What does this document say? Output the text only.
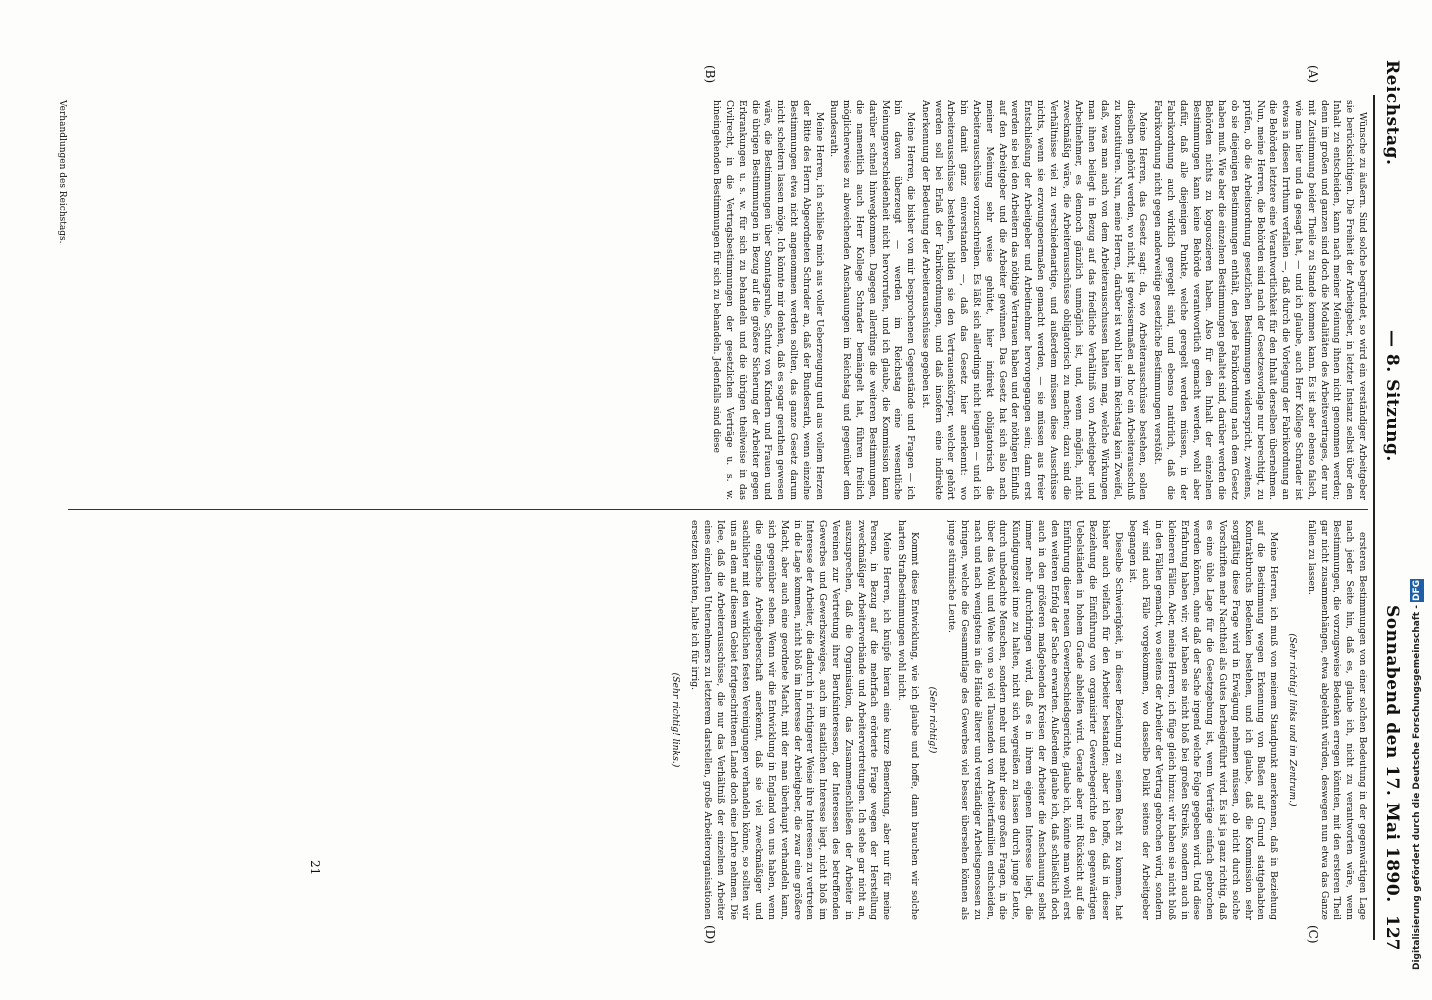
Reichstag.
— 8. Sitzung.
Sonnabend den 17. Mai 1890.
127
(A)
(B)
(C)
(D)

Wünsche zu äußern. Sind solche begründet, so wird ein verständiger Arbeitgeber sie berücksichtigen. Die Freiheit der Arbeitgeber, in letzter Instanz selbst über den Inhalt zu entscheiden, kann nach meiner Meinung ihnen nicht genommen werden; denn im großen und ganzen sind doch die Modalitäten des Arbeitsvertrages, der nur mit Zustimmung beider Theile zu Stande kommen kann. Es ist aber ebenso falsch, wie man hier und da gesagt hat, — und ich glaube, auch Herr Kollege Schrader ist etwas in diesen Irrthum verfallen —, daß durch die Vorlegung der Fabrikordnung an die Behörden letztere eine Verantwortlichkeit für den Inhalt derselben übernehmen. Nun, meine Herren, die Behörden sind nach der Gesetzesvorlage nur berechtigt, zu prüfen, ob die Arbeitsordnung gesetzlichen Bestimmungen widerspricht, zweitens, ob sie diejenigen Bestimmungen enthält, den jede Fabrikordnung nach dem Gesetz haben muß. Wie aber die einzelnen Bestimmungen gehaltet sind, darüber werden die Behörden nichts zu koguoszieren haben. Also für den Inhalt der einzelnen Bestimmungen kann keine Behörde verantwortlich gemacht werden, wohl aber dafür, daß alle diejenigen Punkte, welche geregelt werden müssen, in der Fabrikordnung auch wirklich geregelt sind, und ebenso natürlich, daß die Fabrikordnung nicht gegen anderweitige gesetzliche Bestimmungen verstößt.

Meine Herren, das Gesetz sagt: da, wo Arbeiterausschüsse bestehen, sollen dieselben gehört werden, wo nicht, ist gewissermaßen ad hoc ein Arbeiterausschuß zu konstituiren. Nun, meine Herren, darüber ist wohl hier im Reichstag kein Zweifel, daß, was man auch von dem Arbeiterausschussen halten mag, welche Wirkungen man ihnen beilegt in Bezug auf das friedliche Verhältniß von Arbeitgeber und Arbeitnehmer, es dennoch gänzlich unmöglich ist, und, wenn möglich, nicht zweckmäßig wäre, die Arbeiterausschüsse obligatorisch zu machen; dazu sind die Verhältnisse viel zu verschiedenartige, und außerdem müssen diese Ausschüsse nichts, wenn sie erzwungenermaßen gemacht werden, — sie müssen aus freier Entschließung der Arbeitgeber und Arbeitnehmer hervorgegangen sein; dann erst werden sie bei den Arbeitern das nöthige Vertrauen haben und der nöthigen Einfluß auf den Arbeitgeber und die Arbeiter gewinnen. Das Gesetz hat sich also nach meiner Meinung sehr weise gehütet, hier indirekt obligatorisch die Arbeiterausschüsse vorzuschreiben. Es läßt sich allerdings nicht leugnen — und ich bin damit ganz einverstanden —, daß das Gesetz hier anerkennt: wo Arbeiterausschüsse bestehen, bilden sie den Vertrauenskörper, welcher gehört werden soll bei Erlaß der Fabrikordnungen, und daß insofern eine indirekte Anerkennung der Bedeutung der Arbeiterausschüsse gegeben ist.

Meine Herren, die bisher von mir besprochenen Gegenstände und Fragen — ich bin davon überzeugt — werden im Reichstag eine wesentliche Meinungsverschiedenheit nicht hervorrufen, und ich glaube, die Kommission kann darüber schnell hinwegkommen. Dagegen allerdings die weiteren Bestimmungen, die namentlich auch Herr Kollege Schrader bemängelt hat, führen freilich möglicherweise zu abweichenden Anschauungen im Reichstag und gegenüber dem Bundesrath.

Meine Herren, ich schließe mich aus voller Ueberzeugung und aus vollem Herzen der Bitte des Herrn Abgeordneten Schrader an, daß der Bundesrath, wenn einzelne Bestimmungen etwa nicht angenommen werden sollten, das ganze Gesetz darum nicht scheitern lassen möge. Ich könnte mir denken, daß es sogar gerathen gewesen wäre, die Bestimmungen über Sonntagsruhe, Schutz von Kindern und Frauen und die übrigen Bestimmungen in Bezug auf die größere Sicherung der Arbeiter gegen Erkrankungen u. s. w. für sich zu behandeln und die übrigen theilweise in das Civilrecht, in die Vertragsbestimmungen der gesetzlichen Verträge u. s. w. hineingehenden Bestimmungen für sich zu behandeln. Jedenfalls sind diese

ersteren Bestimmungen von einer solchen Bedeutung in der gegenwärtigen Lage nach jeder Seite hin, daß es, glaube ich, nicht zu verantworten wäre, wenn Bestimmungen, die vorzugsweise Bedenken erregen könnten, mit den ersteren Theil gar nicht zusammenhängen, etwa abgelehnt würden, deswegen nun etwa das Ganze fallen zu lassen.

(Sehr richtig! links und im Zentrum.)

Meine Herren, ich muß von meinem Standpunkt anerkennen, daß in Beziehung auf die Bestimmung wegen Erkennung von Bußen auf Grund stattgehabten Kontraktbruchs Bedenken bestehen, und ich glaube, daß die Kommission sehr sorgfältig diese Frage wird in Erwägung nehmen müssen, ob nicht durch solche Vorschriften mehr Nachtheil als Gutes herbeigeführt wird. Es ist ja ganz richtig, daß es eine üble Lage für die Gesetzgebung ist, wenn Verträge einfach gebrochen werden können, ohne daß der Sache irgend welche Folge gegeben wird. Und diese Erfahrung haben wir; wir haben sie nicht bloß bei großen Streiks, sondern auch in kleineren Fällen. Aber, meine Herren, ich füge gleich hinzu: wir haben sie nicht bloß in den Fällen gemacht, wo seitens der Arbeiter der Vertrag gebrochen wird, sondern wir sind auch Fälle vorgekommen, wo dasselbe Delikt seitens der Arbeitgeber begangen ist.

Dieselbe Schwierigkeit, in dieser Beziehung zu seinem Recht zu kommen, hat bisher auch vielfach für den Arbeiter bestanden; aber ich hoffe, daß in dieser Beziehung die Einführung von organisirter Gewerbegerichte den gegenwärtigen Uebelständen in hohem Grade abhelfen wird. Gerade aber mit Rücksicht auf die Einführung dieser neuen Gewerbeschiedsgerichte, glaube ich, könnte man wohl erst den weiteren Erfolg der Sache erwarten. Außerdem glaube ich, daß schließlich doch auch in den größeren maßgebenden Kreisen der Arbeiter die Anschauung selbst immer mehr durchdringen wird, daß es in ihrem eigenen Interesse liegt, die Kündigungszeit inne zu halten, nicht sich wegreißen zu lassen durch junge Leute, durch unbedachte Menschen, sondern mehr und mehr diese großen Fragen, in die über das Wohl und Wehe von so viel Tausenden von Arbeiterfamilien entscheiden, nach und nach wenigstens in die Hände älterer und verständiger Arbeitsgenossen zu bringen, welche die Gesammtlage des Gewerbes viel besser übersehen können als junge stürmische Leute.

(Sehr richtig!)

Kommt diese Entwicklung, wie ich glaube und hoffe, dann brauchen wir solche harten Strafbestimmungen wohl nicht.

Meine Herren, ich knüpfe hieran eine kurze Bemerkung, aber nur für meine Person, in Bezug auf die mehrfach erörterte Frage wegen der Herstellung zweckmäßiger Arbeiterverbände und Arbeitervertretungen. Ich stehe gar nicht an, auszusprechen, daß die Organisation, das Zusammenschließen der Arbeiter in Vereinen zur Vertretung ihrer Berufsinteressen, der Interessen des betreffenden Gewerbes und Gewerbszweiges, auch im staatlichen Interesse liegt, nicht bloß im Interesse der Arbeiter, die dadurch in richtigerer Weise ihre Interessen zu vertreten in die Lage kommen, nicht bloß im Interesse der Arbeitgeber, die zwar eine größere Macht, aber auch eine geordnete Macht, mit der man überhaupt verhandeln kann, sich gegenüber sehen. Wenn wir die Entwicklung in England von uns haben, wenn die englische Arbeitgeberschaft anerkennt, daß sie viel zweckmäßiger und sachlicher mit den wirklichen festen Vereinigungen verhandeln könne, so sollten wir uns an dem auf diesem Gebiet fortgeschrittenen Lande doch eine Lehre nehmen. Die Idee, daß die Arbeiterausschüsse, die nur das Verhältniß der einzelnen Arbeiter eines einzelnen Unternehmers zu letzterem darstellen, große Arbeiterorganisationen ersetzen könnten, halte ich für irrig.

(Sehr richtig! links.)

21
Verhandlungen des Reichstags.
Digitalisierung gefördert durch die Deutsche Forschungsgemeinschaft - DFG
